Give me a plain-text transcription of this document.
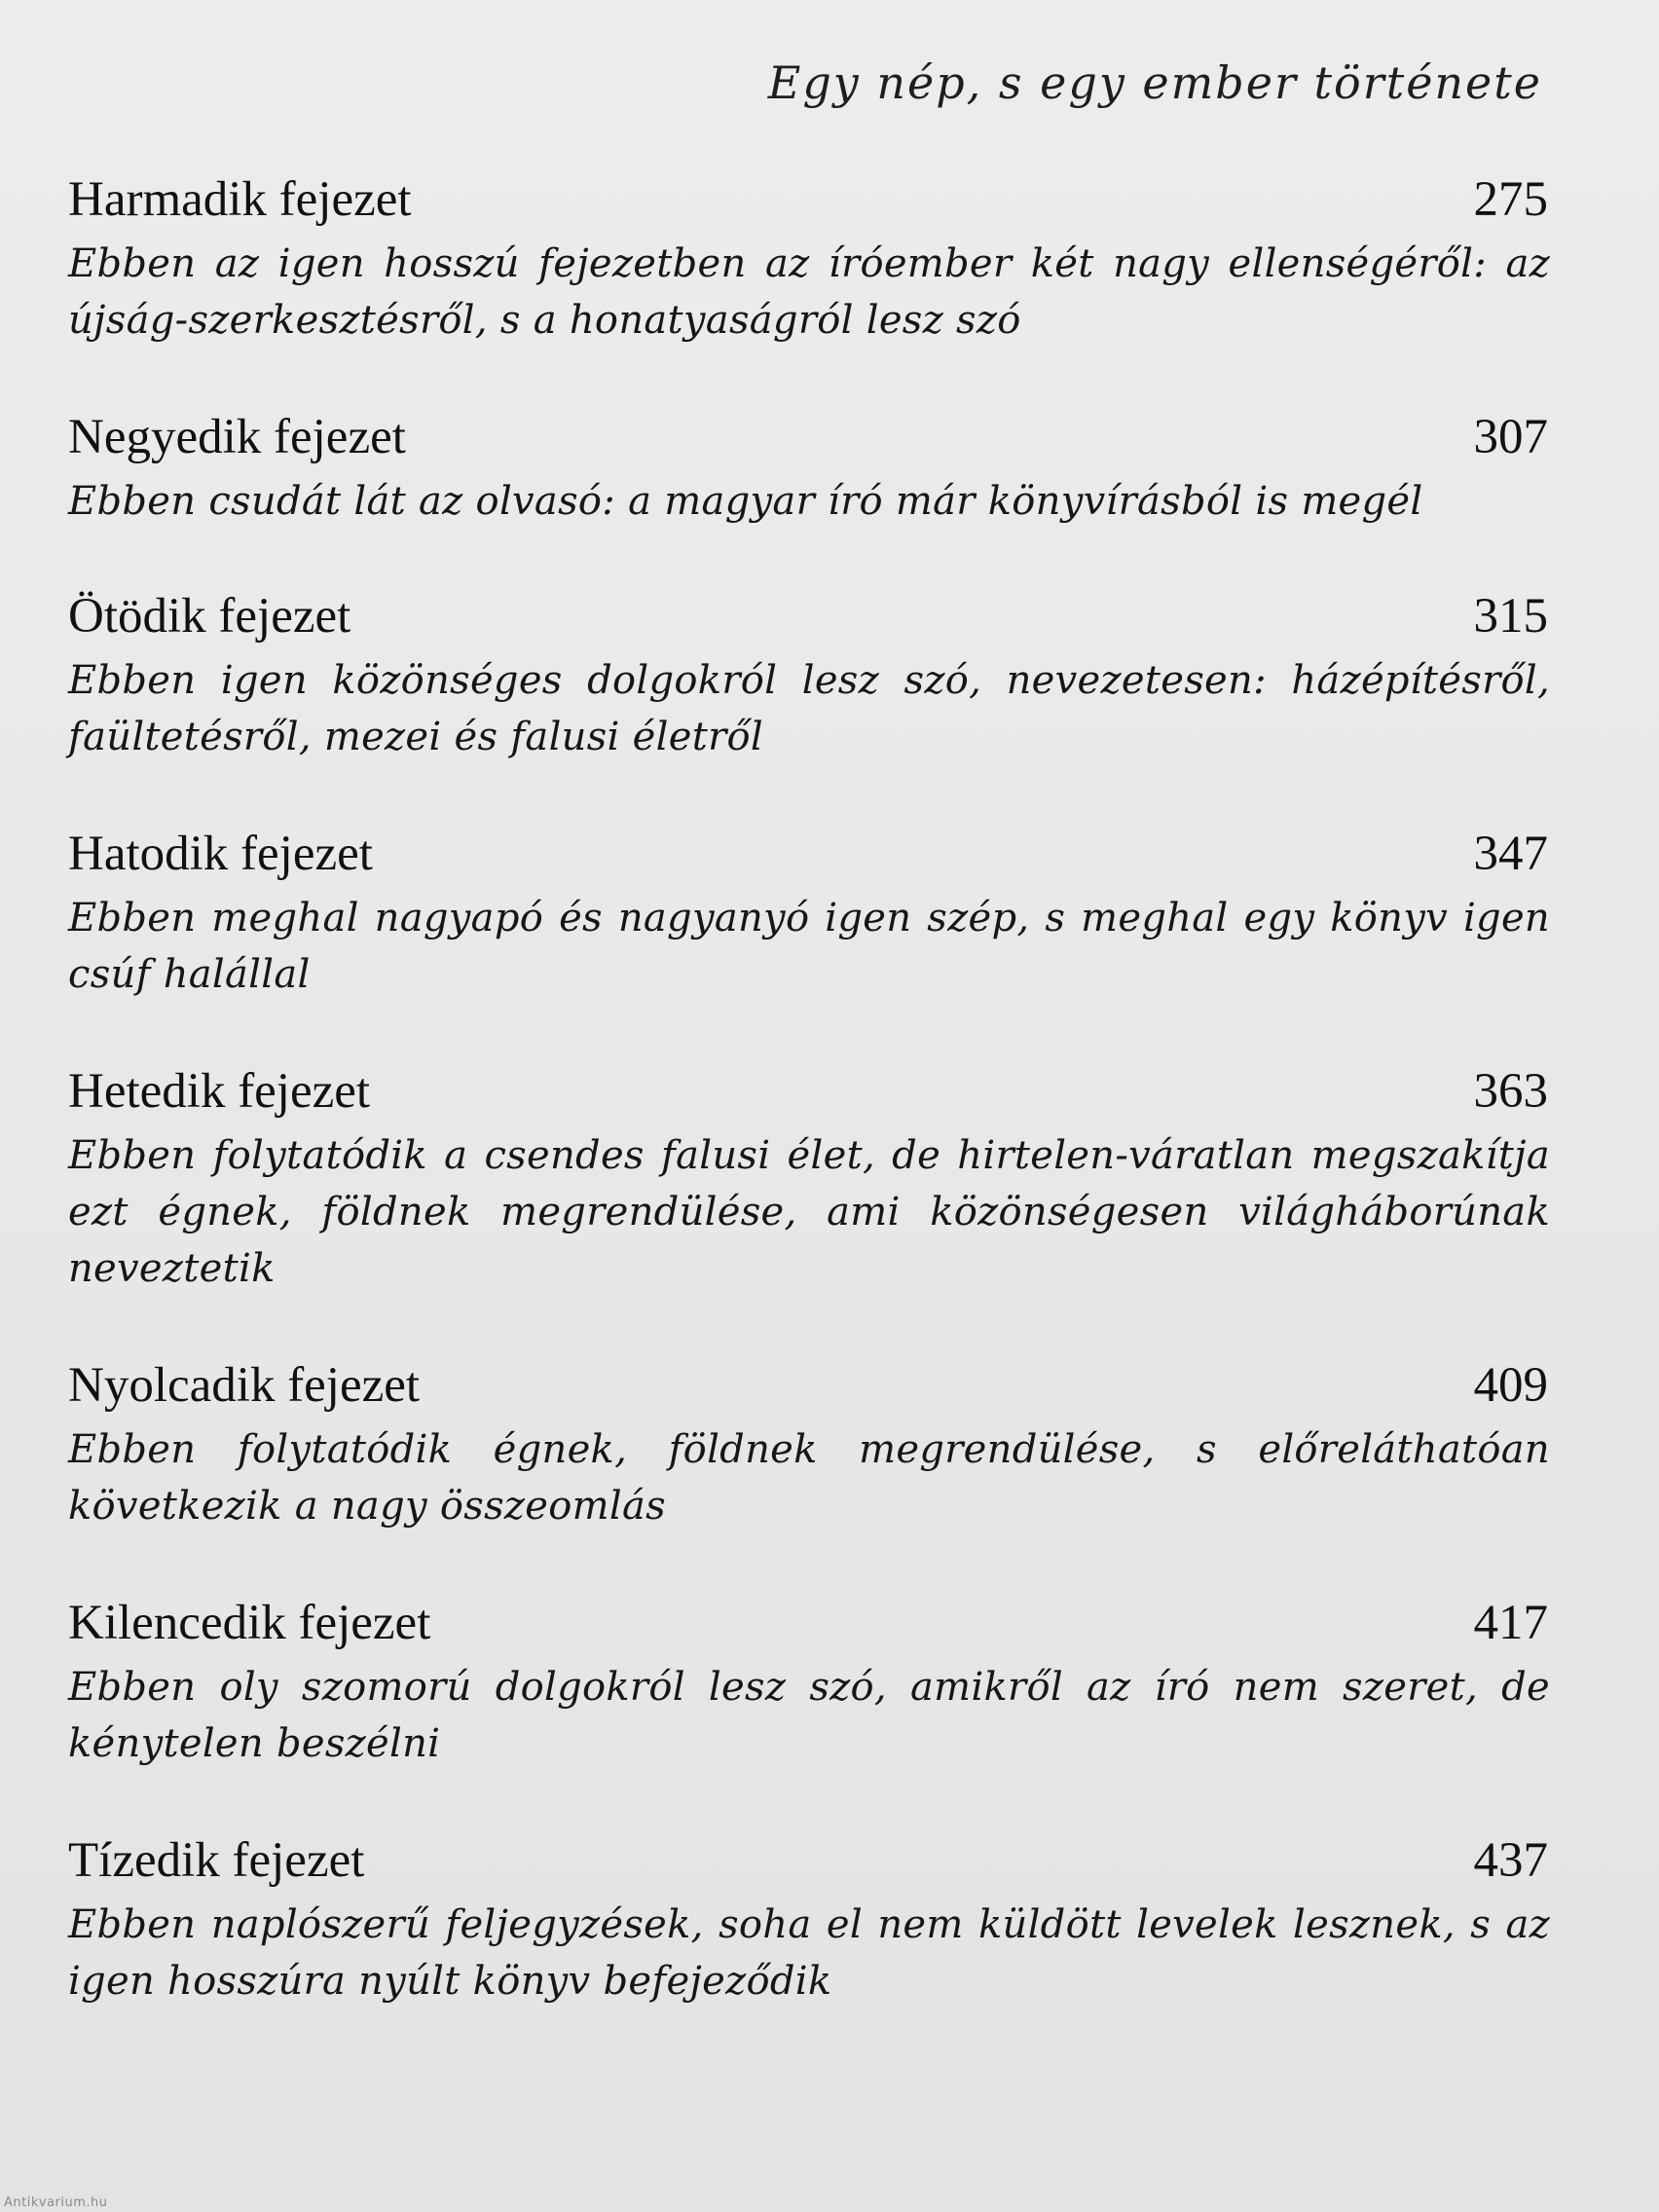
Egy nép, s egy ember története
Harmadik fejezet	275

Ebben az igen hosszú fejezetben az íróember két nagy ellenségéről: az újság-szerkesztésről, s a honatyaságról lesz szó

Negyedik fejezet	307

Ebben csudát lát az olvasó: a magyar író már könyvírásból is megél

Ötödik fejezet	315

Ebben igen közönséges dolgokról lesz szó, nevezetesen: házépítésről, faültetésről, mezei és falusi életről

Hatodik fejezet	347

Ebben meghal nagyapó és nagyanyó igen szép, s meghal egy könyv igen csúf halállal

Hetedik fejezet	363

Ebben folytatódik a csendes falusi élet, de hirtelen-váratlan megszakítja ezt égnek, földnek megrendülése, ami közönségesen világháborúnak neveztetik

Nyolcadik fejezet	409

Ebben folytatódik égnek, földnek megrendülése, s előreláthatóan következik a nagy összeomlás

Kilencedik fejezet	417

Ebben oly szomorú dolgokról lesz szó, amikről az író nem szeret, de kénytelen beszélni

Tízedik fejezet	437

Ebben naplószerű feljegyzések, soha el nem küldött levelek lesznek, s az igen hosszúra nyúlt könyv befejeződik

Antikvarium.hu
